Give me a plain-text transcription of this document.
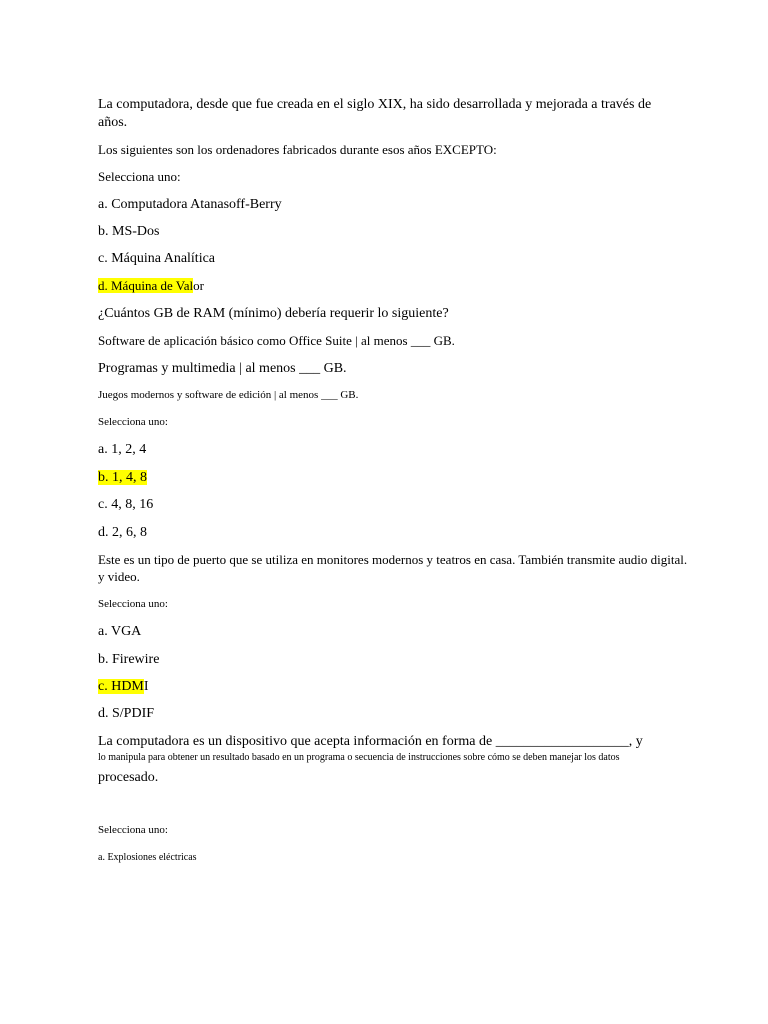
La computadora, desde que fue creada en el siglo XIX, ha sido desarrollada y mejorada a través de
años.
Los siguientes son los ordenadores fabricados durante esos años EXCEPTO:
Selecciona uno:
a. Computadora Atanasoff-Berry
b. MS-Dos
c. Máquina Analítica
d. Máquina de Valor
¿Cuántos GB de RAM (mínimo) debería requerir lo siguiente?
Software de aplicación básico como Office Suite | al menos ___ GB.
Programas y multimedia | al menos ___ GB.
Juegos modernos y software de edición | al menos ___ GB.
Selecciona uno:
a. 1, 2, 4
b. 1, 4, 8
c. 4, 8, 16
d. 2, 6, 8
Este es un tipo de puerto que se utiliza en monitores modernos y teatros en casa. También transmite audio digital.
y video.
Selecciona uno:
a. VGA
b. Firewire
c. HDMI
d. S/PDIF
La computadora es un dispositivo que acepta información en forma de ___________________, y
lo manipula para obtener un resultado basado en un programa o secuencia de instrucciones sobre cómo se deben manejar los datos
procesado.
Selecciona uno:
a. Explosiones eléctricas
